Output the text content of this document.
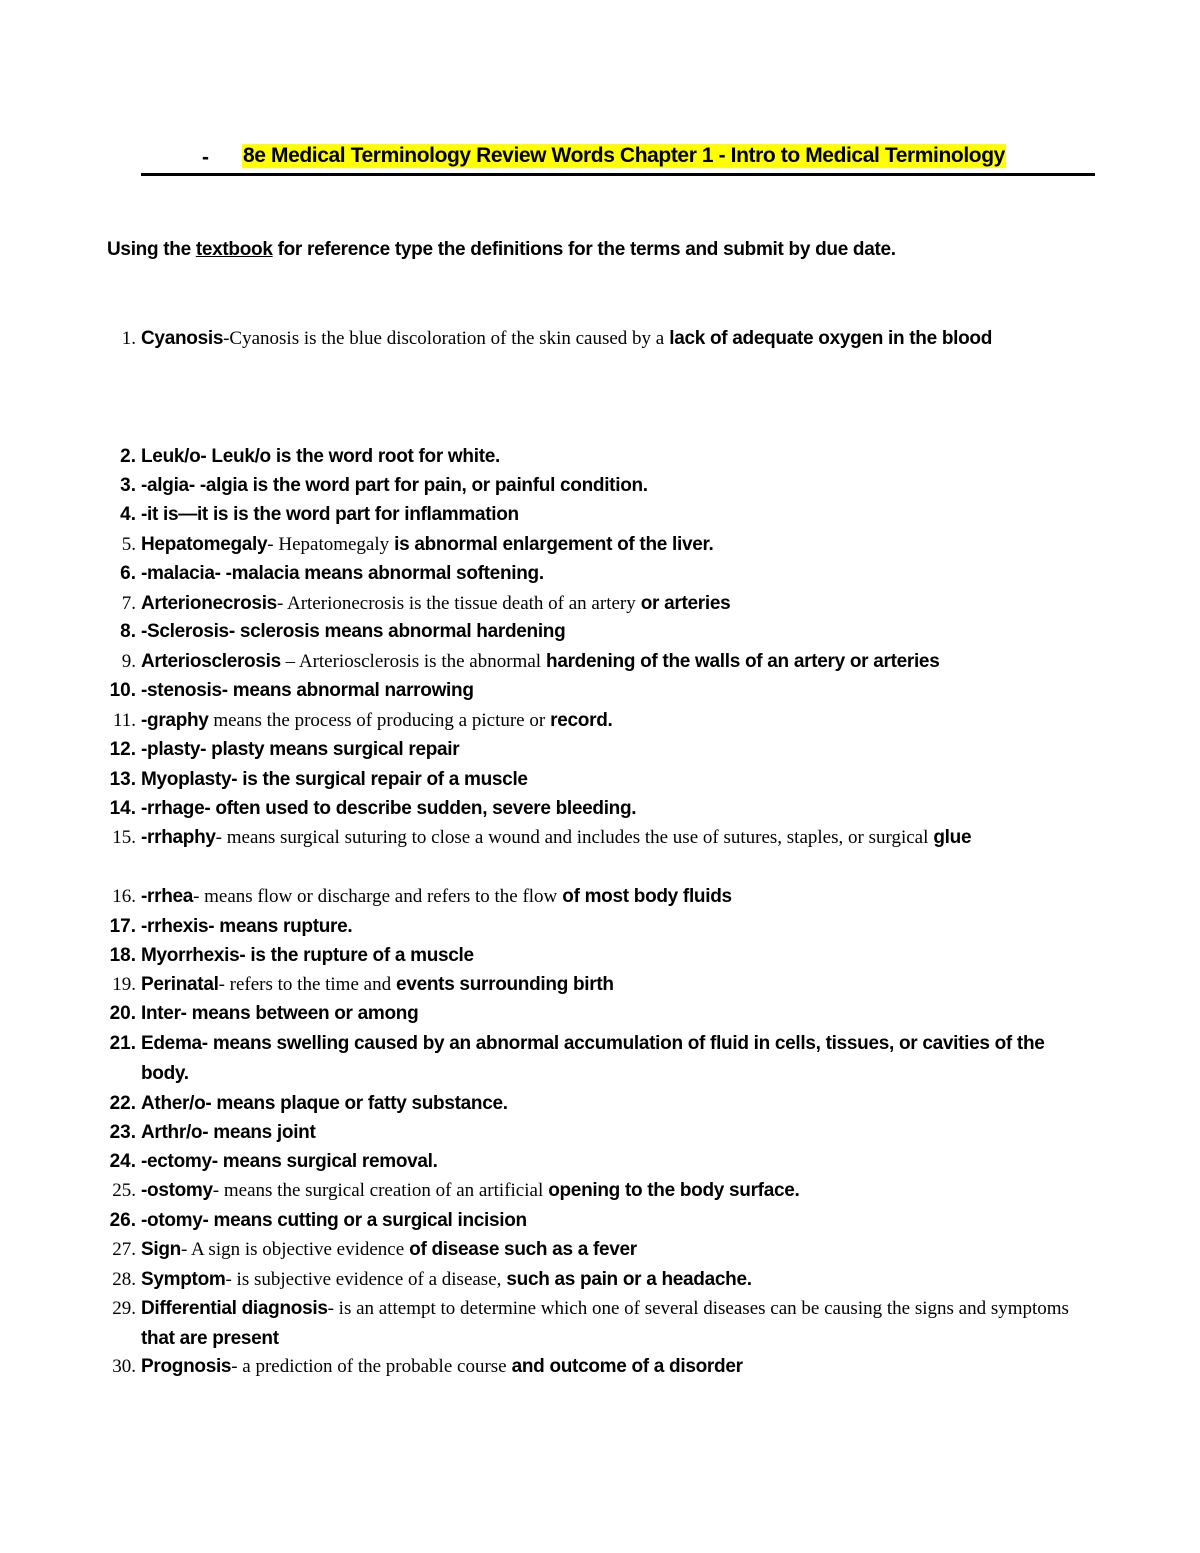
- 8e Medical Terminology Review Words Chapter 1 - Intro to Medical Terminology
Using the textbook for reference type the definitions for the terms and submit by due date.
1. Cyanosis-Cyanosis is the blue discoloration of the skin caused by a lack of adequate oxygen in the blood
2. Leuk/o- Leuk/o is the word root for white.
3. -algia- -algia is the word part for pain, or painful condition.
4. -it is—it is is the word part for inflammation
5. Hepatomegaly- Hepatomegaly is abnormal enlargement of the liver.
6. -malacia- -malacia means abnormal softening.
7. Arterionecrosis- Arterionecrosis is the tissue death of an artery or arteries
8. -Sclerosis- sclerosis means abnormal hardening
9. Arteriosclerosis – Arteriosclerosis is the abnormal hardening of the walls of an artery or arteries
10. -stenosis- means abnormal narrowing
11. -graphy means the process of producing a picture or record.
12. -plasty- plasty means surgical repair
13. Myoplasty- is the surgical repair of a muscle
14. -rrhage- often used to describe sudden, severe bleeding.
15. -rrhaphy- means surgical suturing to close a wound and includes the use of sutures, staples, or surgical glue
16. -rrhea- means flow or discharge and refers to the flow of most body fluids
17. -rrhexis- means rupture.
18. Myorrhexis- is the rupture of a muscle
19. Perinatal- refers to the time and events surrounding birth
20. Inter- means between or among
21. Edema- means swelling caused by an abnormal accumulation of fluid in cells, tissues, or cavities of the body.
22. Ather/o- means plaque or fatty substance.
23. Arthr/o- means joint
24. -ectomy- means surgical removal.
25. -ostomy- means the surgical creation of an artificial opening to the body surface.
26. -otomy- means cutting or a surgical incision
27. Sign- A sign is objective evidence of disease such as a fever
28. Symptom- is subjective evidence of a disease, such as pain or a headache.
29. Differential diagnosis- is an attempt to determine which one of several diseases can be causing the signs and symptoms that are present
30. Prognosis- a prediction of the probable course and outcome of a disorder
